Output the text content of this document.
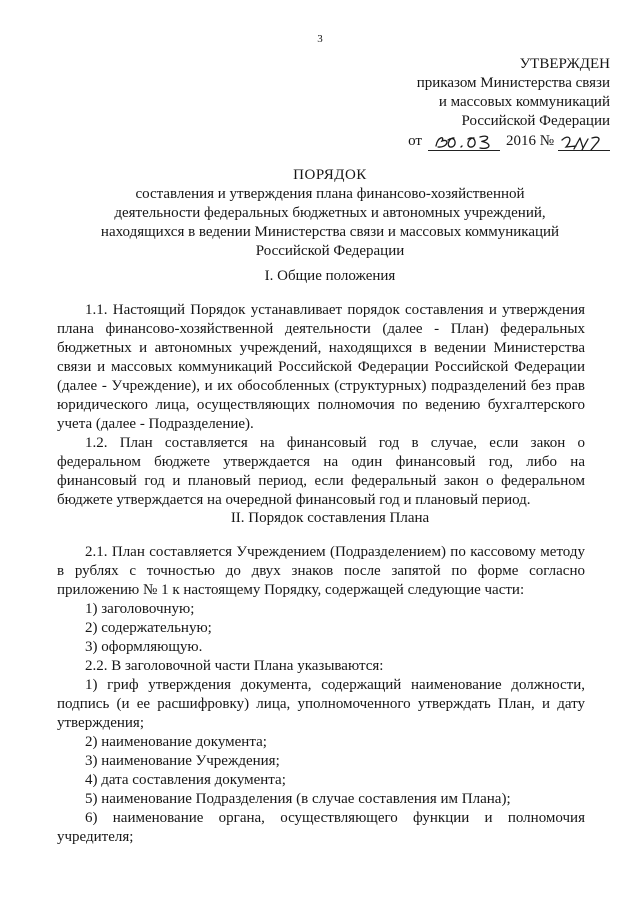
3
УТВЕРЖДЕН
приказом Министерства связи
и массовых коммуникаций
Российской Федерации
от	2016 №
ПОРЯДОК
составления и утверждения плана финансово-хозяйственной
деятельности федеральных бюджетных и автономных учреждений,
находящихся в ведении Министерства связи и массовых коммуникаций
Российской Федерации
I. Общие положения

1.1. Настоящий Порядок устанавливает порядок составления и утверждения плана финансово-хозяйственной деятельности (далее - План) федеральных бюджетных и автономных учреждений, находящихся в ведении Министерства связи и массовых коммуникаций Российской Федерации Российской Федерации (далее - Учреждение), и их обособленных (структурных) подразделений без прав юридического лица, осуществляющих полномочия по ведению бухгалтерского учета (далее - Подразделение).

1.2. План составляется на финансовый год в случае, если закон о федеральном бюджете утверждается на один финансовый год, либо на финансовый год и плановый период, если федеральный закон о федеральном бюджете утверждается на очередной финансовый год и плановый период.

II. Порядок составления Плана

2.1. План составляется Учреждением (Подразделением) по кассовому методу в рублях с точностью до двух знаков после запятой по форме согласно приложению № 1 к настоящему Порядку, содержащей следующие части:

1) заголовочную;

2) содержательную;

3) оформляющую.

2.2. В заголовочной части Плана указываются:

1) гриф утверждения документа, содержащий наименование должности, подпись (и ее расшифровку) лица, уполномоченного утверждать План, и дату утверждения;

2) наименование документа;

3) наименование Учреждения;

4) дата составления документа;

5) наименование Подразделения (в случае составления им Плана);

6) наименование органа, осуществляющего функции и полномочия учредителя;
